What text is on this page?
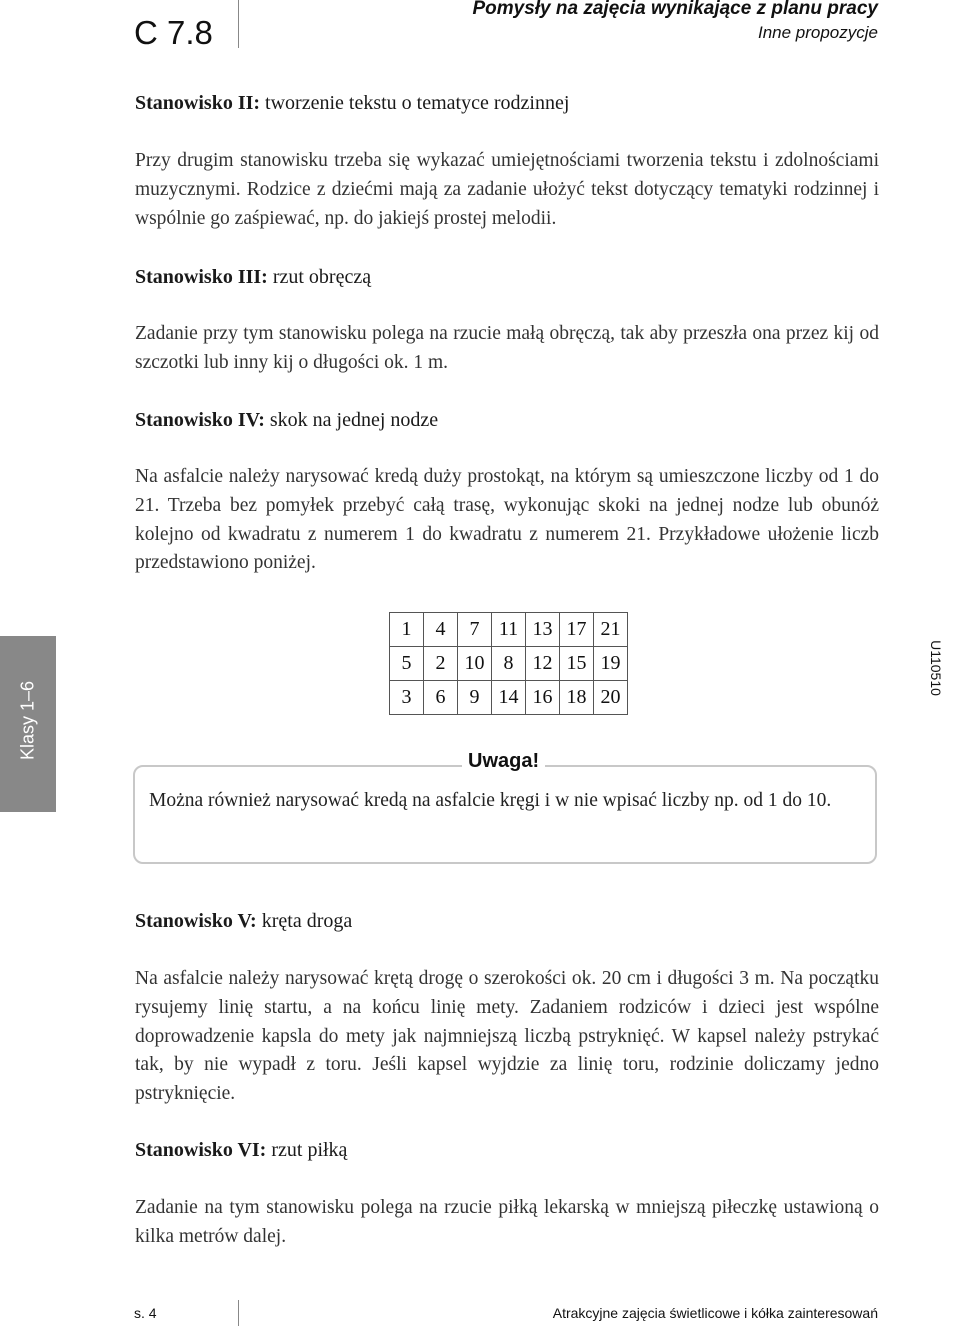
C 7.8
Pomysły na zajęcia wynikające z planu pracy
Inne propozycje
Stanowisko II: tworzenie tekstu o tematyce rodzinnej
Przy drugim stanowisku trzeba się wykazać umiejętnościami tworzenia tekstu i zdolnościami muzycznymi. Rodzice z dziećmi mają za zadanie ułożyć tekst dotyczący tematyki rodzinnej i wspólnie go zaśpiewać, np. do jakiejś prostej melodii.
Stanowisko III: rzut obręczą
Zadanie przy tym stanowisku polega na rzucie małą obręczą, tak aby przeszła ona przez kij od szczotki lub inny kij o długości ok. 1 m.
Stanowisko IV: skok na jednej nodze
Na asfalcie należy narysować kredą duży prostokąt, na którym są umieszczone liczby od 1 do 21. Trzeba bez pomyłek przebyć całą trasę, wykonując skoki na jednej nodze lub obunóż kolejno od kwadratu z numerem 1 do kwadratu z numerem 21. Przykładowe ułożenie liczb przedstawiono poniżej.
Klasy 1–6
U110510
1	4	7	11	13	17	21
5	2	10	8	12	15	19
3	6	9	14	16	18	20
Uwaga!
Można również narysować kredą na asfalcie kręgi i w nie wpisać liczby np. od 1 do 10.
Stanowisko V: kręta droga
Na asfalcie należy narysować krętą drogę o szerokości ok. 20 cm i długości 3 m. Na początku rysujemy linię startu, a na końcu linię mety. Zadaniem rodziców i dzieci jest wspólne doprowadzenie kapsla do mety jak najmniejszą liczbą pstryknięć. W kapsel należy pstrykać tak, by nie wypadł z toru. Jeśli kapsel wyjdzie za linię toru, rodzinie doliczamy jedno pstryknięcie.
Stanowisko VI: rzut piłką
Zadanie na tym stanowisku polega na rzucie piłką lekarską w mniejszą piłeczkę ustawioną o kilka metrów dalej.
s. 4	Atrakcyjne zajęcia świetlicowe i kółka zainteresowań
